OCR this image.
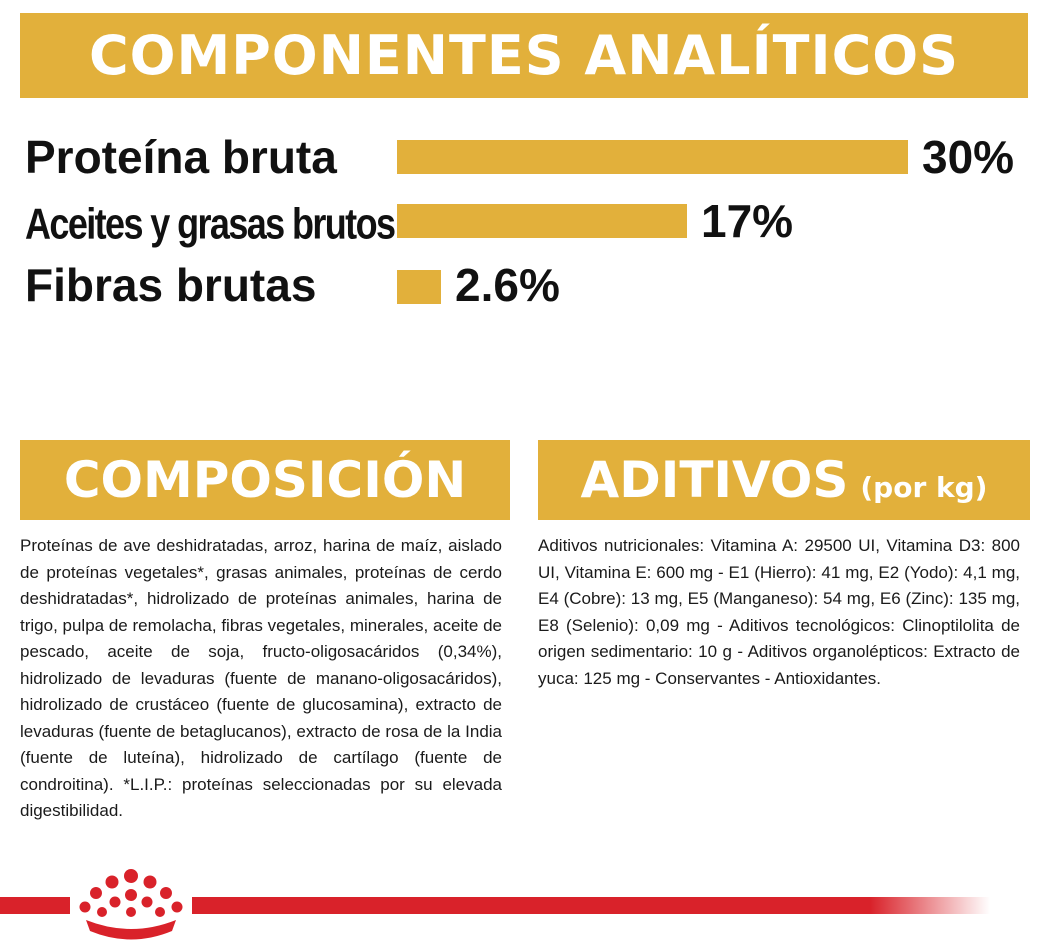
COMPONENTES ANALÍTICOS
Proteína bruta	30%
Aceites y grasas brutos	17%
Fibras brutas	2.6%
COMPOSICIÓN
Proteínas de ave deshidratadas, arroz, harina de maíz, aislado de proteínas vegetales*, grasas animales, proteínas de cerdo deshidratadas*, hidrolizado de proteínas animales, harina de trigo, pulpa de remolacha, fibras vegetales, minerales, aceite de pescado, aceite de soja, fructo-oligosacáridos (0,34%), hidrolizado de levaduras (fuente de manano-oligosacáridos), hidrolizado de crustáceo (fuente de glucosamina), extracto de levaduras (fuente de betaglucanos), extracto de rosa de la India (fuente de luteína), hidrolizado de cartílago (fuente de condroitina). *L.I.P.: proteínas seleccionadas por su elevada digestibilidad.
ADITIVOS (por kg)
Aditivos nutricionales: Vitamina A: 29500 UI, Vitamina D3: 800 UI, Vitamina E: 600 mg - E1 (Hierro): 41 mg, E2 (Yodo): 4,1 mg, E4 (Cobre): 13 mg, E5 (Manganeso): 54 mg, E6 (Zinc): 135 mg, E8 (Selenio): 0,09 mg - Aditivos tecnológicos: Clinoptilolita de origen sedimentario: 10 g - Aditivos organolépticos: Extracto de yuca: 125 mg - Conservantes - Antioxidantes.
